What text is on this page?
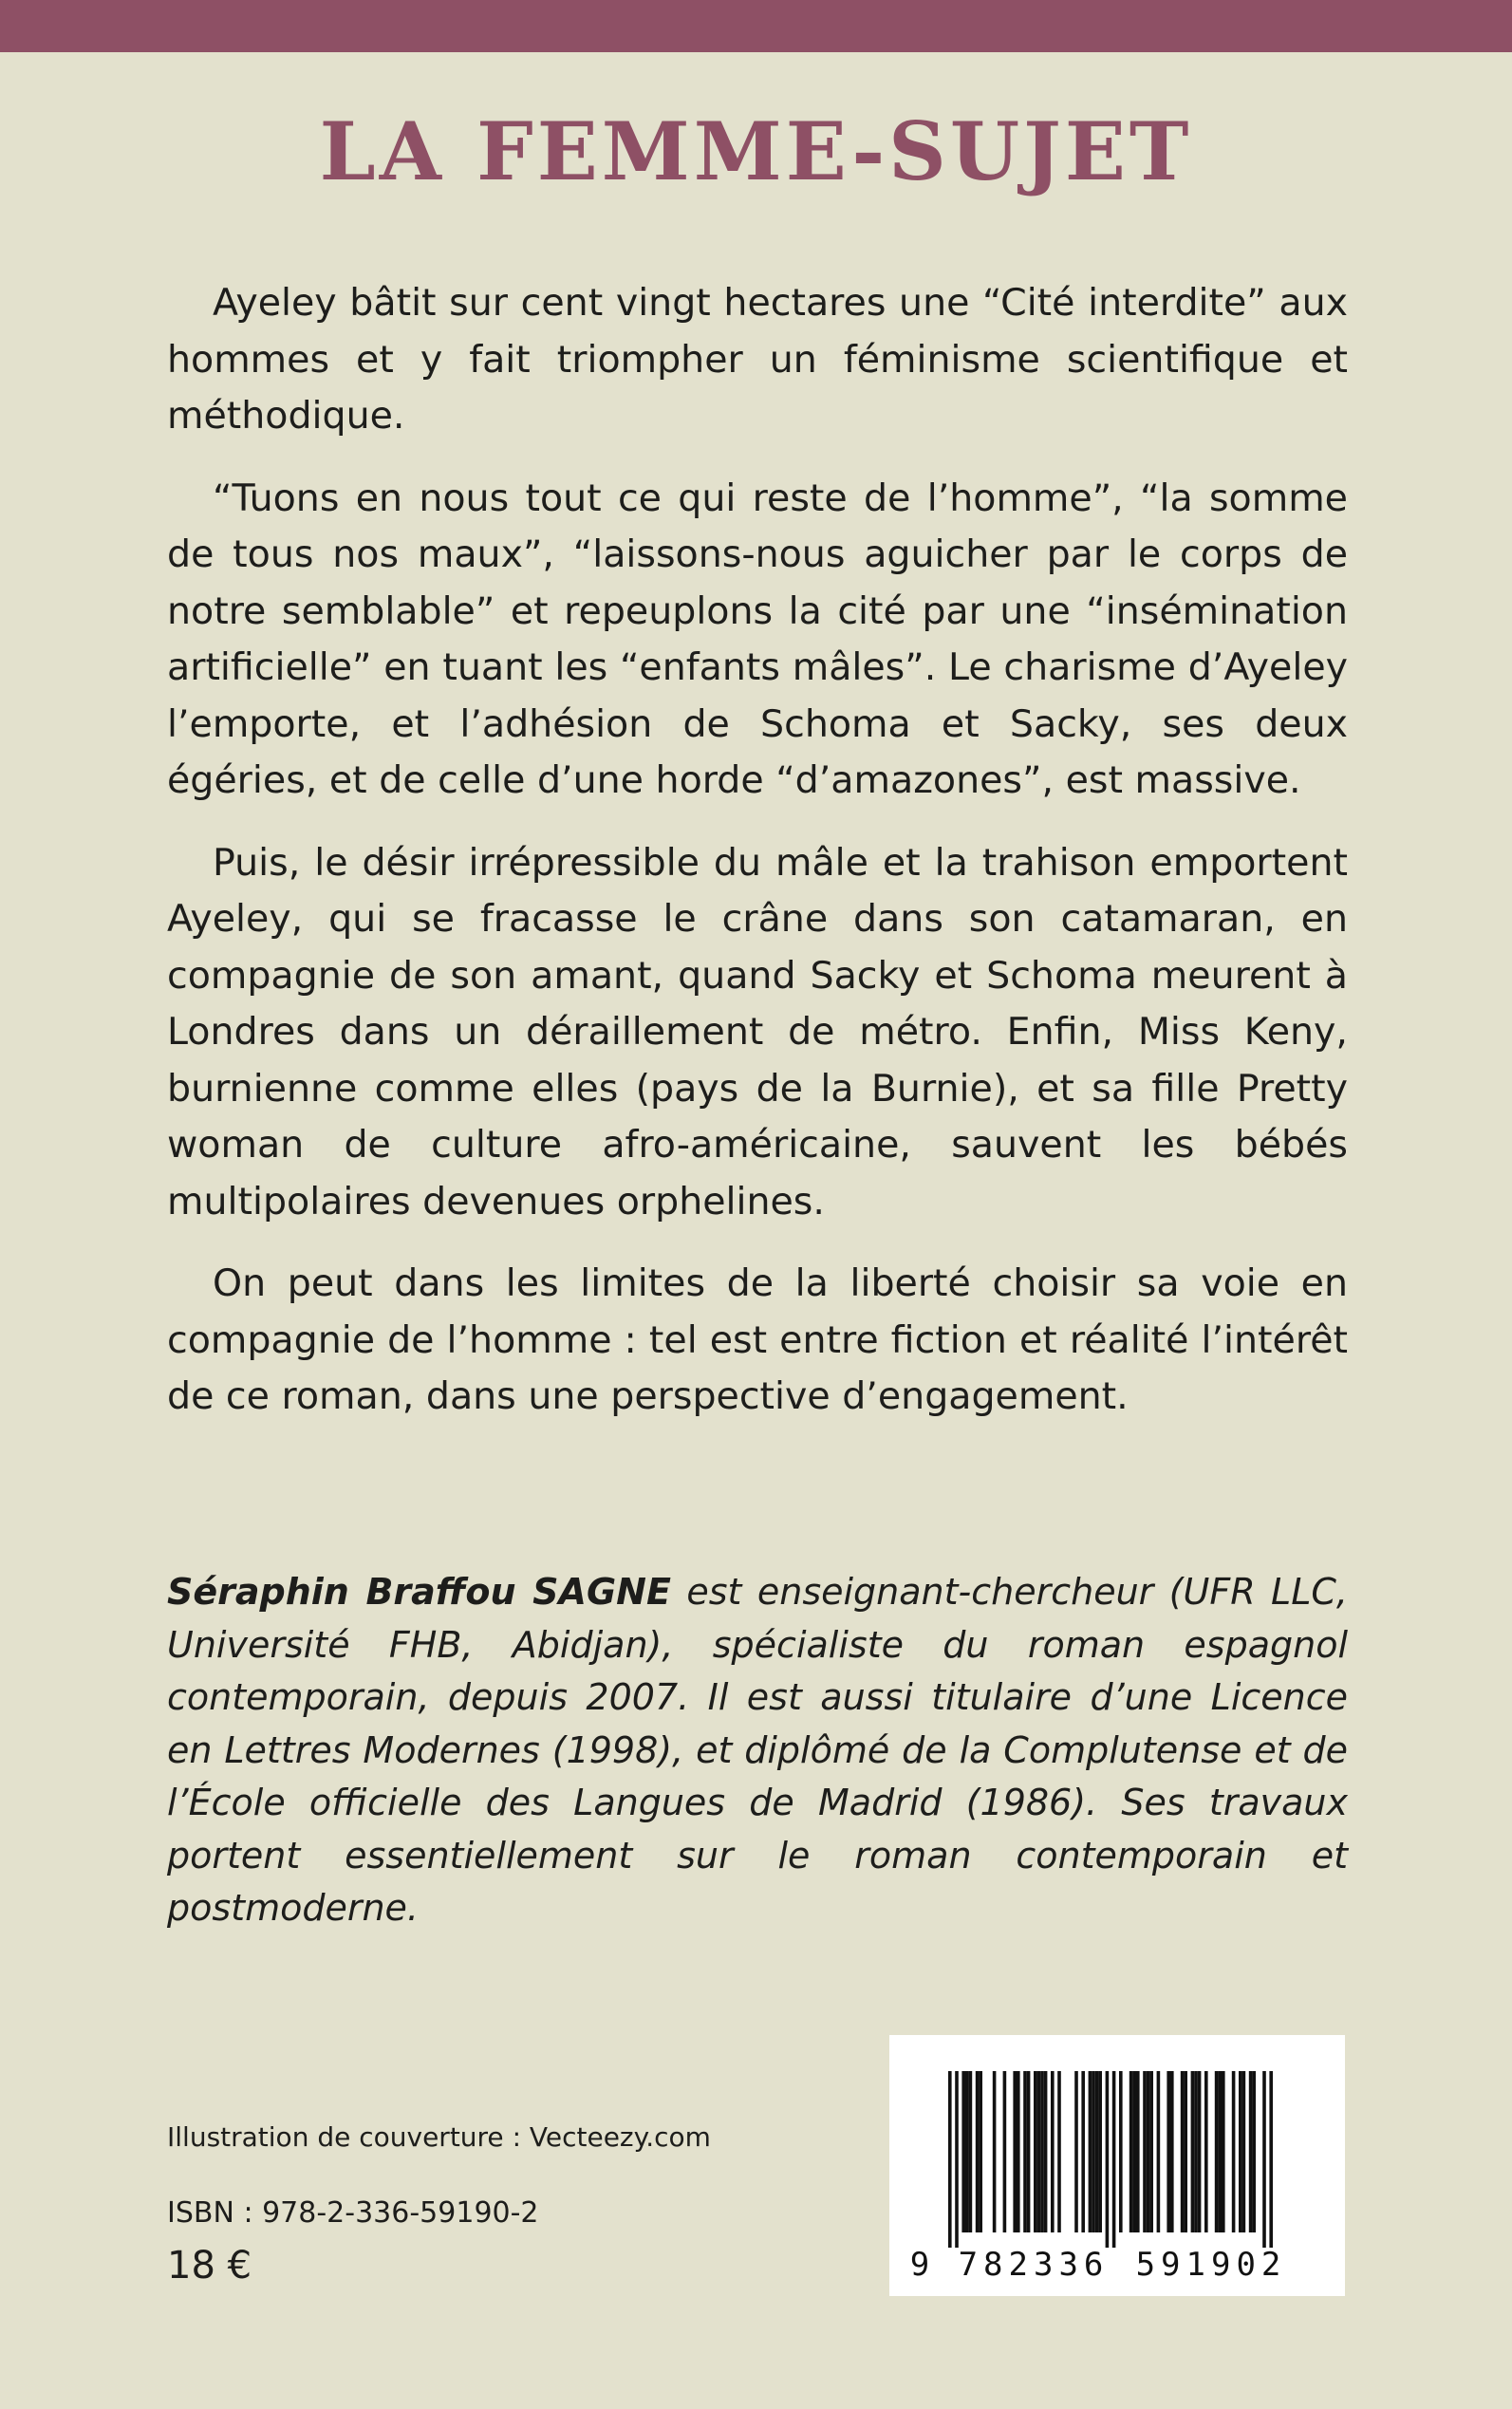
LA FEMME-SUJET

Ayeley bâtit sur cent vingt hectares une “Cité interdite” aux hommes et y fait triompher un féminisme scientifique et méthodique.

“Tuons en nous tout ce qui reste de l’homme”, “la somme de tous nos maux”, “laissons-nous aguicher par le corps de notre semblable” et repeuplons la cité par une “insémination artificielle” en tuant les “enfants mâles”. Le charisme d’Ayeley l’emporte, et l’adhésion de Schoma et Sacky, ses deux égéries, et de celle d’une horde “d’amazones”, est massive.

Puis, le désir irrépressible du mâle et la trahison emportent Ayeley, qui se fracasse le crâne dans son catamaran, en compagnie de son amant, quand Sacky et Schoma meurent à Londres dans un déraillement de métro. Enfin, Miss Keny, burnienne comme elles (pays de la Burnie), et sa fille Pretty woman de culture afro-américaine, sauvent les bébés multipolaires devenues orphelines.

On peut dans les limites de la liberté choisir sa voie en compagnie de l’homme : tel est entre fiction et réalité l’intérêt de ce roman, dans une perspective d’engagement.

Séraphin Braffou SAGNE est enseignant-chercheur (UFR LLC, Université FHB, Abidjan), spécialiste du roman espagnol contemporain, depuis 2007. Il est aussi titulaire d’une Licence en Lettres Modernes (1998), et diplômé de la Complutense et de l’École officielle des Langues de Madrid (1986). Ses travaux portent essentiellement sur le roman contemporain et postmoderne.

Illustration de couverture : Vecteezy.com

ISBN : 978-2-336-59190-2

18 €	9 782336 591902
